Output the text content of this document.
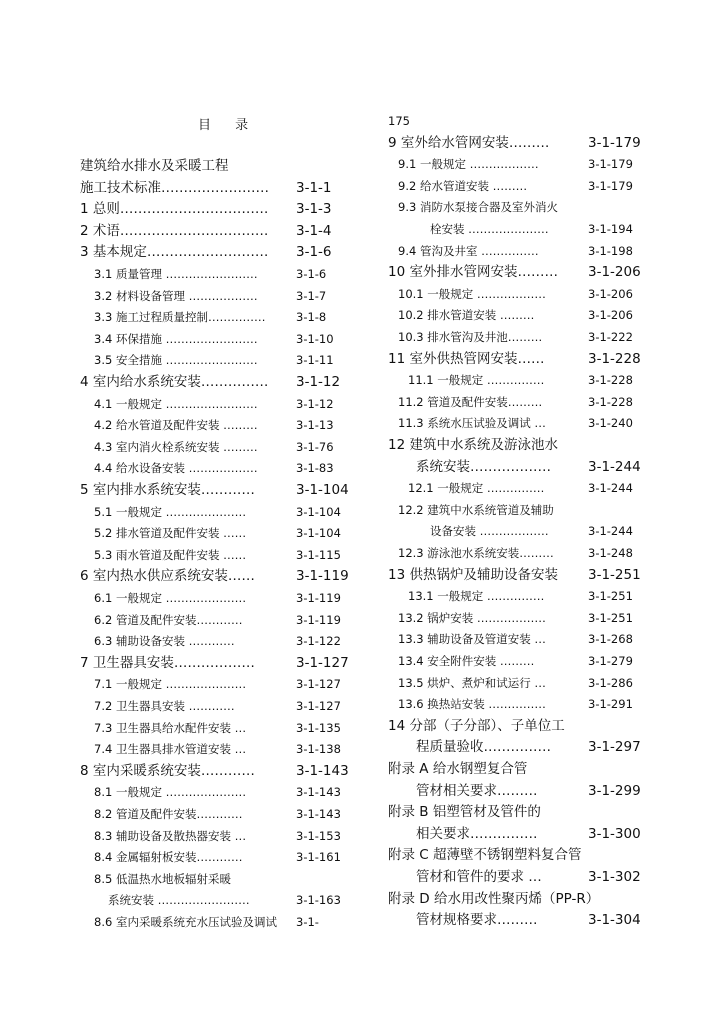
目 录
建筑给水排水及采暖工程
施工技术标准…………………… 3-1-1
1 总则…………………………… 3-1-3
2 术语…………………………… 3-1-4
3 基本规定……………………… 3-1-6
3.1 质量管理 ……………………	3-1-6
3.2 材料设备管理 ………………	3-1-7
3.3 施工过程质量控制……………	3-1-8
3.4 环保措施 ……………………	3-1-10
3.5 安全措施 ……………………	3-1-11
4 室内给水系统安装…………… 3-1-12
4.1 一般规定 ……………………	3-1-12
4.2 给水管道及配件安装 ………	3-1-13
4.3 室内消火栓系统安装 ………	3-1-76
4.4 给水设备安装 ………………	3-1-83
5 室内排水系统安装…………	3-1-104
5.1 一般规定 …………………	3-1-104
5.2 排水管道及配件安装 ……	3-1-104
5.3 雨水管道及配件安装 ……	3-1-115
6 室内热水供应系统安装……	3-1-119
6.1 一般规定 …………………	3-1-119
6.2 管道及配件安装…………	3-1-119
6.3 辅助设备安装 …………	3-1-122
7 卫生器具安装………………	3-1-127
7.1 一般规定 …………………	3-1-127
7.2 卫生器具安装 …………	3-1-127
7.3 卫生器具给水配件安装 …	3-1-135
7.4 卫生器具排水管道安装 …	3-1-138
8 室内采暖系统安装…………	3-1-143
8.1 一般规定 …………………	3-1-143
8.2 管道及配件安装…………	3-1-143
8.3 辅助设备及散热器安装 …	3-1-153
8.4 金属辐射板安装…………	3-1-161
8.5 低温热水地板辐射采暖
系统安装 ……………………	3-1-163
8.6 室内采暖系统充水压试验及调试 3-1-
175
9 室外给水管网安装………	3-1-179
9.1 一般规定 ………………	3-1-179
9.2 给水管道安装 ………	3-1-179
9.3 消防水泵接合器及室外消火
栓安装 …………………	3-1-194
9.4 管沟及井室 ……………	3-1-198
10 室外排水管网安装……… 3-1-206
10.1 一般规定 ………………	3-1-206
10.2 排水管道安装 ………	3-1-206
10.3 排水管沟及井池………	3-1-222
11 室外供热管网安装……	3-1-228
11.1 一般规定 ……………	3-1-228
11.2 管道及配件安装………	3-1-228
11.3 系统水压试验及调试 …	3-1-240
12 建筑中水系统及游泳池水
系统安装………………	3-1-244
12.1 一般规定 ……………	3-1-244
12.2 建筑中水系统管道及辅助
设备安装 ………………	3-1-244
12.3 游泳池水系统安装………	3-1-248
13 供热锅炉及辅助设备安装 3-1-251
13.1 一般规定 ……………	3-1-251
13.2 锅炉安装 ………………	3-1-251
13.3 辅助设备及管道安装 …	3-1-268
13.4 安全附件安装 ………	3-1-279
13.5 烘炉、煮炉和试运行 …	3-1-286
13.6 换热站安装 ……………	3-1-291
14 分部（子分部）、子单位工
程质量验收……………	3-1-297
附录 A 给水钢塑复合管
管材相关要求………	3-1-299
附录 B 铝塑管材及管件的
相关要求……………	3-1-300
附录 C 超薄壁不锈钢塑料复合管
管材和管件的要求 …	3-1-302
附录 D 给水用改性聚丙烯（PP-R）
管材规格要求………	3-1-304
